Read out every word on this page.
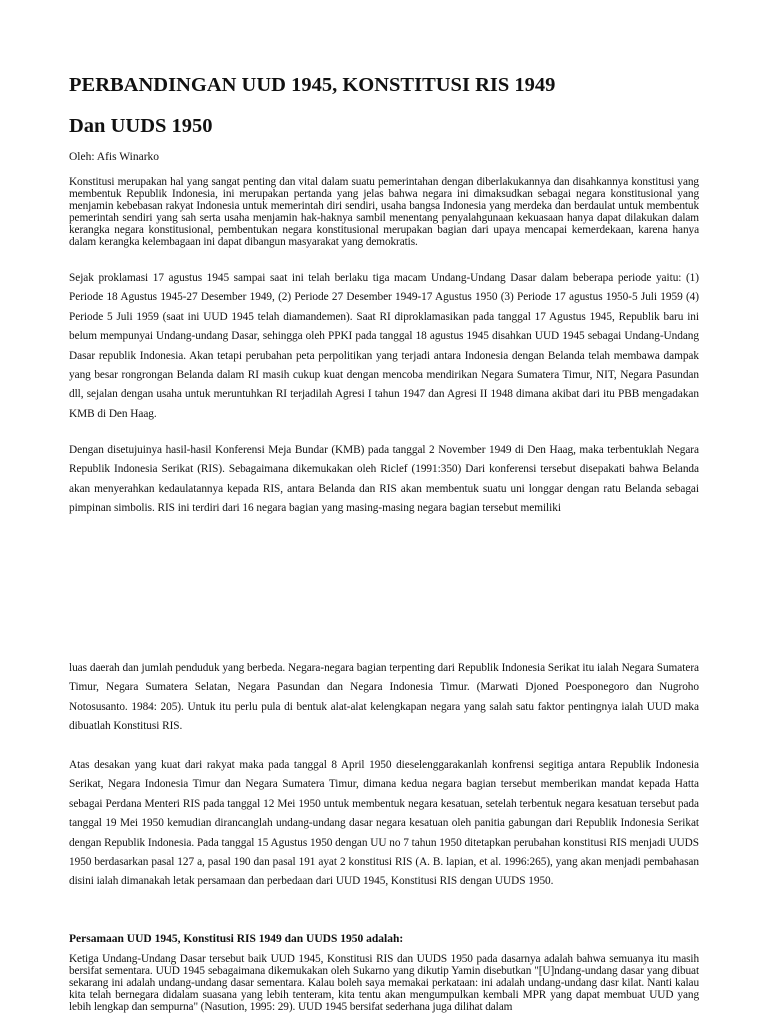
PERBANDINGAN UUD 1945, KONSTITUSI RIS 1949
Dan UUDS 1950

Oleh: Afis Winarko

Konstitusi merupakan hal yang sangat penting dan vital dalam suatu pemerintahan dengan diberlakukannya dan disahkannya konstitusi yang membentuk Republik Indonesia, ini merupakan pertanda yang jelas bahwa negara ini dimaksudkan sebagai negara konstitusional yang menjamin kebebasan rakyat Indonesia untuk memerintah diri sendiri, usaha bangsa Indonesia yang merdeka dan berdaulat untuk membentuk pemerintah sendiri yang sah serta usaha menjamin hak-haknya sambil menentang penyalahgunaan kekuasaan hanya dapat dilakukan dalam kerangka negara konstitusional, pembentukan negara konstitusional merupakan bagian dari upaya mencapai kemerdekaan, karena hanya dalam kerangka kelembagaan ini dapat dibangun masyarakat yang demokratis.

Sejak proklamasi 17 agustus 1945 sampai saat ini telah berlaku tiga macam Undang-Undang Dasar dalam beberapa periode yaitu: (1) Periode 18 Agustus 1945-27 Desember 1949, (2) Periode 27 Desember 1949-17 Agustus 1950 (3) Periode 17 agustus 1950-5 Juli 1959 (4) Periode 5 Juli 1959 (saat ini UUD 1945 telah diamandemen). Saat RI diproklamasikan pada tanggal 17 Agustus 1945, Republik baru ini belum mempunyai Undang-undang Dasar, sehingga oleh PPKI pada tanggal 18 agustus 1945 disahkan UUD 1945 sebagai Undang-Undang Dasar republik Indonesia. Akan tetapi perubahan peta perpolitikan yang terjadi antara Indonesia dengan Belanda telah membawa dampak yang besar rongrongan Belanda dalam RI masih cukup kuat dengan mencoba mendirikan Negara Sumatera Timur, NIT, Negara Pasundan dll, sejalan dengan usaha untuk meruntuhkan RI terjadilah Agresi I tahun 1947 dan Agresi II 1948 dimana akibat dari itu PBB mengadakan KMB di Den Haag.

Dengan disetujuinya hasil-hasil Konferensi Meja Bundar (KMB) pada tanggal 2 November 1949 di Den Haag, maka terbentuklah Negara Republik Indonesia Serikat (RIS). Sebagaimana dikemukakan oleh Riclef (1991:350) Dari konferensi tersebut disepakati bahwa Belanda akan menyerahkan kedaulatannya kepada RIS, antara Belanda dan RIS akan membentuk suatu uni longgar dengan ratu Belanda sebagai pimpinan simbolis. RIS ini terdiri dari 16 negara bagian yang masing-masing negara bagian tersebut memiliki

luas daerah dan jumlah penduduk yang berbeda. Negara-negara bagian terpenting dari Republik Indonesia Serikat itu ialah Negara Sumatera Timur, Negara Sumatera Selatan, Negara Pasundan dan Negara Indonesia Timur. (Marwati Djoned Poesponegoro dan Nugroho Notosusanto. 1984: 205). Untuk itu perlu pula di bentuk alat-alat kelengkapan negara yang salah satu faktor pentingnya ialah UUD maka dibuatlah Konstitusi RIS.

Atas desakan yang kuat dari rakyat maka pada tanggal 8 April 1950 dieselenggarakanlah konfrensi segitiga antara Republik Indonesia Serikat, Negara Indonesia Timur dan Negara Sumatera Timur, dimana kedua negara bagian tersebut memberikan mandat kepada Hatta sebagai Perdana Menteri RIS pada tanggal 12 Mei 1950 untuk membentuk negara kesatuan, setelah terbentuk negara kesatuan tersebut pada tanggal 19 Mei 1950 kemudian dirancanglah undang-undang dasar negara kesatuan oleh panitia gabungan dari Republik Indonesia Serikat dengan Republik Indonesia. Pada tanggal 15 Agustus 1950 dengan UU no 7 tahun 1950 ditetapkan perubahan konstitusi RIS menjadi UUDS 1950 berdasarkan pasal 127 a, pasal 190 dan pasal 191 ayat 2 konstitusi RIS (A. B. lapian, et al. 1996:265), yang akan menjadi pembahasan disini ialah dimanakah letak persamaan dan perbedaan dari UUD 1945, Konstitusi RIS dengan UUDS 1950.

Persamaan UUD 1945, Konstitusi RIS 1949 dan UUDS 1950 adalah:

Ketiga Undang-Undang Dasar tersebut baik UUD 1945, Konstitusi RIS dan UUDS 1950 pada dasarnya adalah bahwa semuanya itu masih bersifat sementara. UUD 1945 sebagaimana dikemukakan oleh Sukarno yang dikutip Yamin disebutkan "[U]ndang-undang dasar yang dibuat sekarang ini adalah undang-undang dasar sementara. Kalau boleh saya memakai perkataan: ini adalah undang-undang dasr kilat. Nanti kalau kita telah bernegara didalam suasana yang lebih tenteram, kita tentu akan mengumpulkan kembali MPR yang dapat membuat UUD yang lebih lengkap dan sempurna" (Nasution, 1995: 29). UUD 1945 bersifat sederhana juga dilihat dalam
